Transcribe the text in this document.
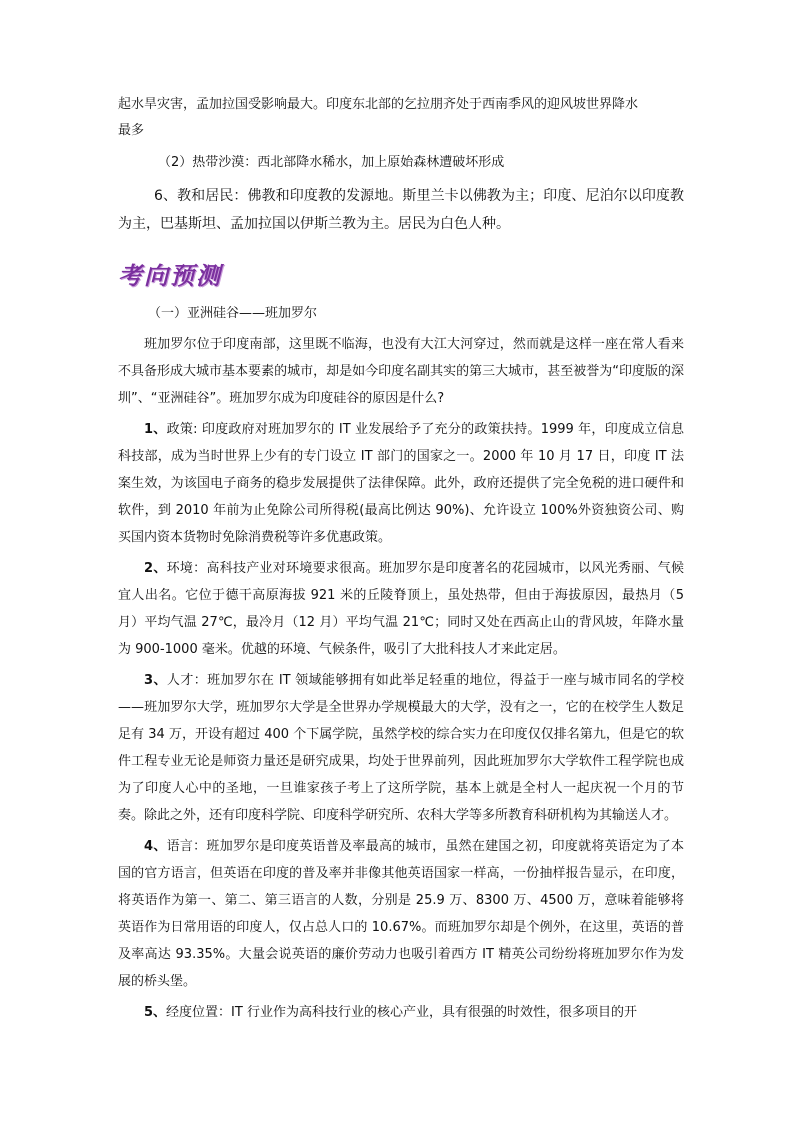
起水旱灾害，孟加拉国受影响最大。印度东北部的乞拉朋齐处于西南季风的迎风坡世界降水

最多

（2）热带沙漠：西北部降水稀水，加上原始森林遭破坏形成

6、教和居民：佛教和印度教的发源地。斯里兰卡以佛教为主；印度、尼泊尔以印度教为主，巴基斯坦、孟加拉国以伊斯兰教为主。居民为白色人种。

考向预测

（一）亚洲硅谷——班加罗尔

班加罗尔位于印度南部，这里既不临海，也没有大江大河穿过，然而就是这样一座在常人看来不具备形成大城市基本要素的城市，却是如今印度名副其实的第三大城市，甚至被誉为“印度版的深圳”、“亚洲硅谷”。班加罗尔成为印度硅谷的原因是什么?

1、政策: 印度政府对班加罗尔的 IT 业发展给予了充分的政策扶持。1999 年，印度成立信息科技部，成为当时世界上少有的专门设立 IT 部门的国家之一。2000 年 10 月 17 日，印度 IT 法案生效，为该国电子商务的稳步发展提供了法律保障。此外，政府还提供了完全免税的进口硬件和软件，到 2010 年前为止免除公司所得税(最高比例达 90%)、允许设立 100%外资独资公司、购买国内资本货物时免除消费税等许多优惠政策。

2、环境：高科技产业对环境要求很高。班加罗尔是印度著名的花园城市，以风光秀丽、气候宜人出名。它位于德干高原海拔 921 米的丘陵脊顶上，虽处热带，但由于海拔原因，最热月（5 月）平均气温 27℃，最冷月（12 月）平均气温 21℃；同时又处在西高止山的背风坡，年降水量为 900-1000 毫米。优越的环境、气候条件，吸引了大批科技人才来此定居。

3、人才：班加罗尔在 IT 领域能够拥有如此举足轻重的地位，得益于一座与城市同名的学校——班加罗尔大学，班加罗尔大学是全世界办学规模最大的大学，没有之一，它的在校学生人数足足有 34 万，开设有超过 400 个下属学院，虽然学校的综合实力在印度仅仅排名第九，但是它的软件工程专业无论是师资力量还是研究成果，均处于世界前列，因此班加罗尔大学软件工程学院也成为了印度人心中的圣地，一旦谁家孩子考上了这所学院，基本上就是全村人一起庆祝一个月的节奏。除此之外，还有印度科学院、印度科学研究所、农科大学等多所教育科研机构为其输送人才。

4、语言：班加罗尔是印度英语普及率最高的城市，虽然在建国之初，印度就将英语定为了本国的官方语言，但英语在印度的普及率并非像其他英语国家一样高，一份抽样报告显示，在印度，将英语作为第一、第二、第三语言的人数，分别是 25.9 万、8300 万、4500 万，意味着能够将英语作为日常用语的印度人，仅占总人口的 10.67%。而班加罗尔却是个例外，在这里，英语的普及率高达 93.35%。大量会说英语的廉价劳动力也吸引着西方 IT 精英公司纷纷将班加罗尔作为发展的桥头堡。

5、经度位置：IT 行业作为高科技行业的核心产业，具有很强的时效性，很多项目的开
